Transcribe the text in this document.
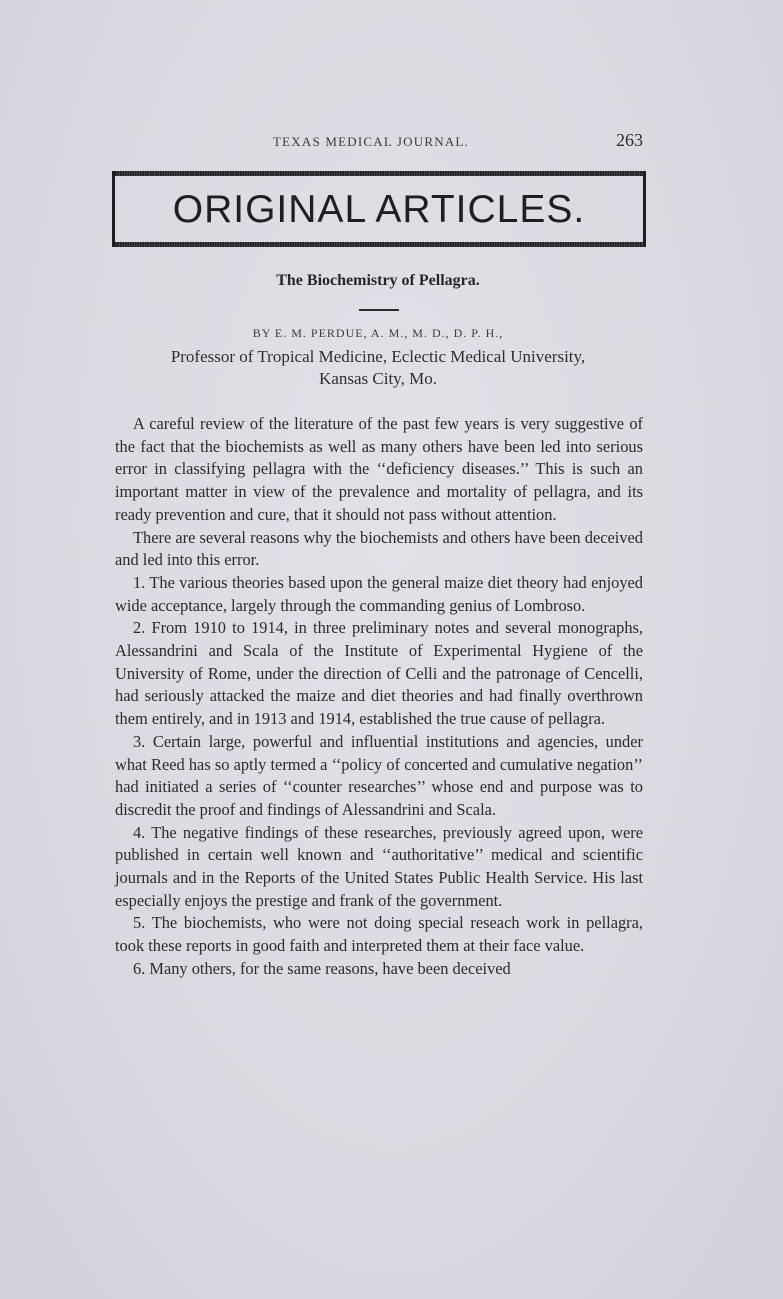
TEXAS MEDICAL JOURNAL.	263
ORIGINAL ARTICLES.
The Biochemistry of Pellagra.
BY E. M. PERDUE, A. M., M. D., D. P. H.,
Professor of Tropical Medicine, Eclectic Medical University,
Kansas City, Mo.

A careful review of the literature of the past few years is very suggestive of the fact that the biochemists as well as many others have been led into serious error in classifying pellagra with the ‘‘deficiency diseases.’’ This is such an important matter in view of the prevalence and mortality of pellagra, and its ready prevention and cure, that it should not pass without attention.

There are several reasons why the biochemists and others have been deceived and led into this error.

1. The various theories based upon the general maize diet theory had enjoyed wide acceptance, largely through the commanding genius of Lombroso.

2. From 1910 to 1914, in three preliminary notes and several monographs, Alessandrini and Scala of the Institute of Experimental Hygiene of the University of Rome, under the direction of Celli and the patronage of Cencelli, had seriously attacked the maize and diet theories and had finally overthrown them entirely, and in 1913 and 1914, established the true cause of pellagra.

3. Certain large, powerful and influential institutions and agencies, under what Reed has so aptly termed a ‘‘policy of concerted and cumulative negation’’ had initiated a series of ‘‘counter researches’’ whose end and purpose was to discredit the proof and findings of Alessandrini and Scala.

4. The negative findings of these researches, previously agreed upon, were published in certain well known and ‘‘authoritative’’ medical and scientific journals and in the Reports of the United States Public Health Service. His last especially enjoys the prestige and frank of the government.

5. The biochemists, who were not doing special reseach work in pellagra, took these reports in good faith and interpreted them at their face value.

6. Many others, for the same reasons, have been deceived
